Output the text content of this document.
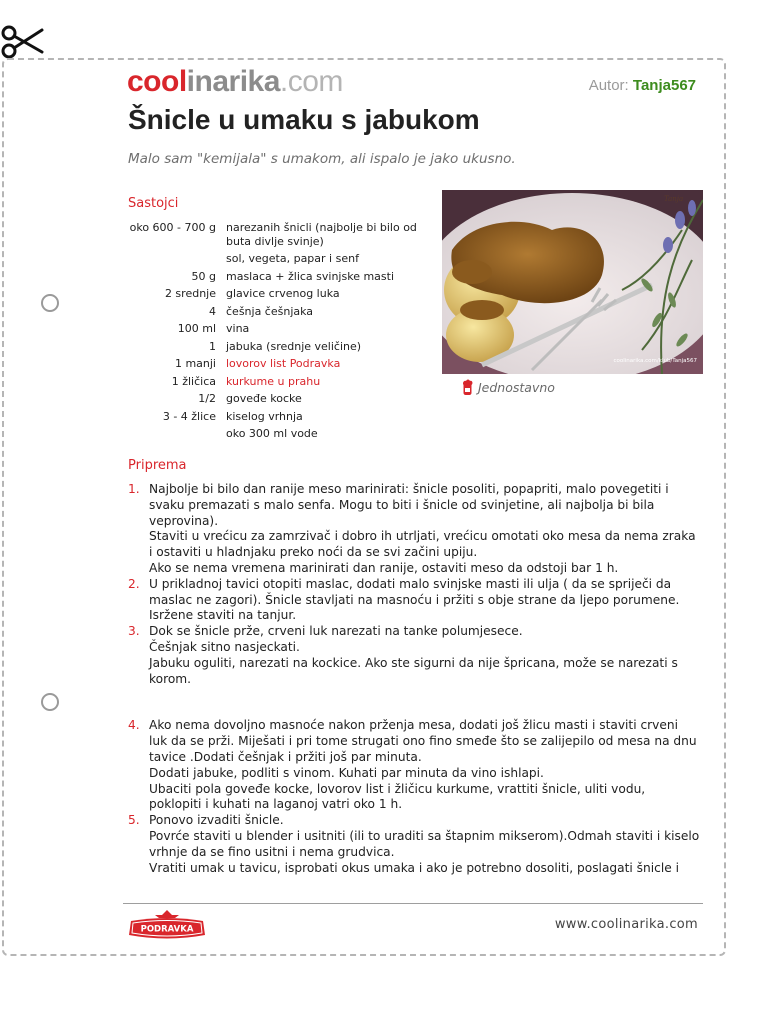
coolinarika.com	Autor: Tanja567
Šnicle u umaku s jabukom
Malo sam "kemijala" s umakom, ali ispalo je jako ukusno.
Sastojci
oko 600 - 700 g narezanih šnicli (najbolje bi bilo od buta divlje svinje)
sol, vegeta, papar i senf
50 g maslaca + žlica svinjske masti
2 srednje glavice crvenog luka
4 češnja češnjaka
100 ml vina
1 jabuka (srednje veličine)
1 manji lovorov list Podravka
1 žličica kurkume u prahu
1/2 goveđe kocke
3 - 4 žlice kiselog vrhnja
oko 300 ml vode
Tanja
coolinarika.com/klub/Tanja567
Jednostavno
Priprema
1. Najbolje bi bilo dan ranije meso marinirati: šnicle posoliti, popapriti, malo povegetiti i svaku premazati s malo senfa. Mogu to biti i šnicle od svinjetine, ali najbolja bi bila veprovina).
Staviti u vrećicu za zamrzivač i dobro ih utrljati, vrećicu omotati oko mesa da nema zraka i ostaviti u hladnjaku preko noći da se svi začini upiju.
Ako se nema vremena marinirati dan ranije, ostaviti meso da odstoji bar 1 h.
2. U prikladnoj tavici otopiti maslac, dodati malo svinjske masti ili ulja ( da se spriječi da maslac ne zagori). Šnicle stavljati na masnoću i pržiti s obje strane da ljepo porumene. Isržene staviti na tanjur.
3. Dok se šnicle prže, crveni luk narezati na tanke polumjesece.
Češnjak sitno nasjeckati.
Jabuku oguliti, narezati na kockice. Ako ste sigurni da nije špricana, može se narezati s korom.
4. Ako nema dovoljno masnoće nakon prženja mesa, dodati još žlicu masti i staviti crveni luk da se prži. Miješati i pri tome strugati ono fino smeđe što se zalijepilo od mesa na dnu tavice .Dodati češnjak i pržiti još par minuta.
Dodati jabuke, podliti s vinom. Kuhati par minuta da vino ishlapi.
Ubaciti pola goveđe kocke, lovorov list i žličicu kurkume, vrattiti šnicle, uliti vodu, poklopiti i kuhati na laganoj vatri oko 1 h.
5. Ponovo izvaditi šnicle.
Povrće staviti u blender i usitniti (ili to uraditi sa štapnim mikserom).Odmah staviti i kiselo vrhnje da se fino usitni i nema grudvica.
Vratiti umak u tavicu, isprobati okus umaka i ako je potrebno dosoliti, poslagati šnicle i
PODRAVKA	www.coolinarika.com
